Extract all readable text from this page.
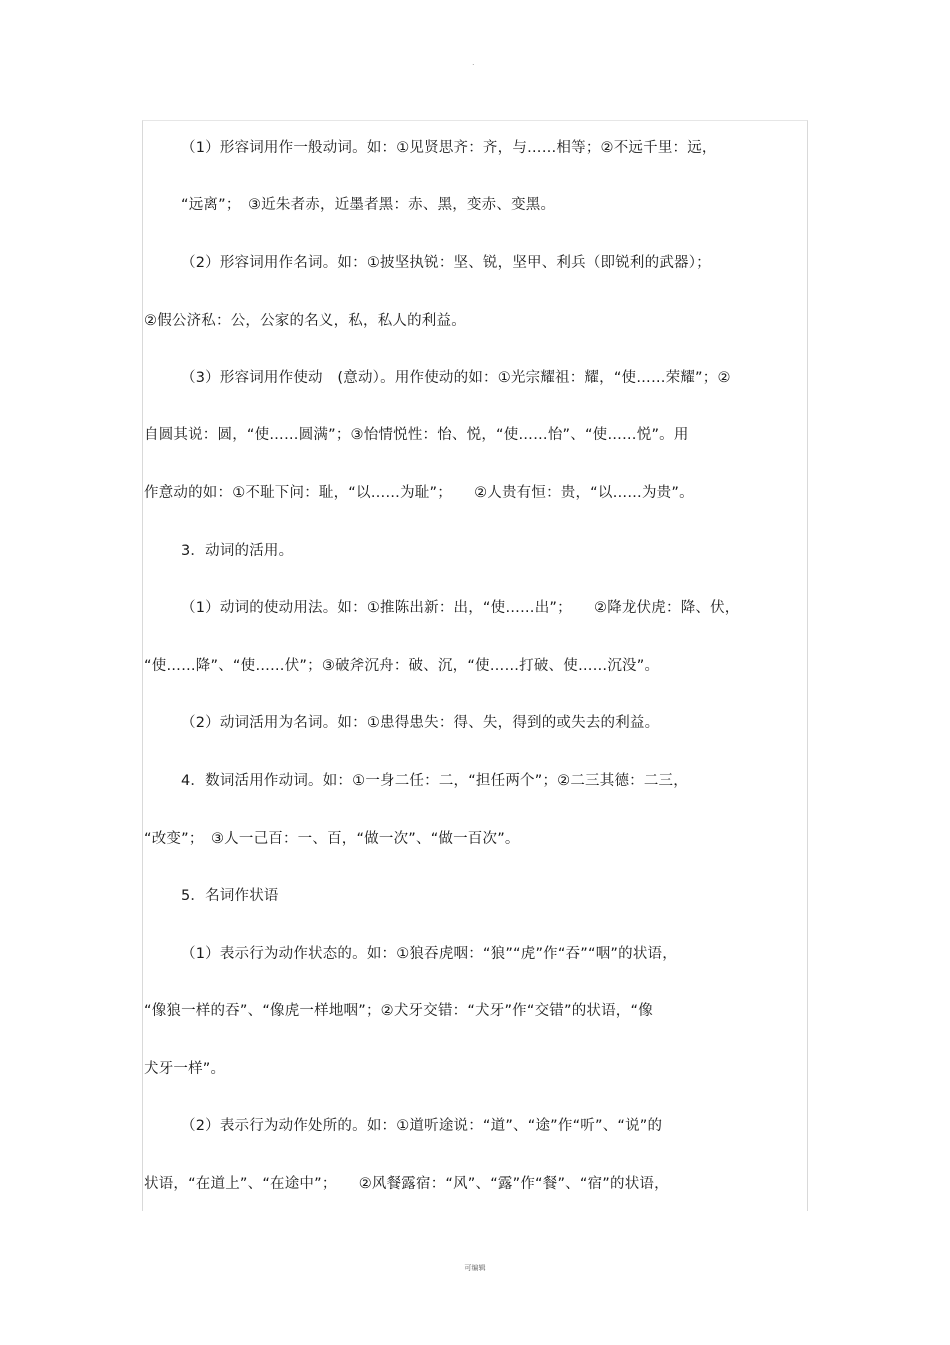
.
（1）形容词用作一般动词。如：①见贤思齐：齐，与……相等；②不远千里：远，
“远离”；　③近朱者赤，近墨者黑：赤、黑，变赤、变黑。
（2）形容词用作名词。如：①披坚执锐：坚、锐，坚甲、利兵（即锐利的武器）；
②假公济私：公，公家的名义，私，私人的利益。
（3）形容词用作使动　(意动）。用作使动的如：①光宗耀祖：耀，“使……荣耀”；②
自圆其说：圆，“使……圆满”；③怡情悦性：怡、悦，“使……怡”、“使……悦”。用
作意动的如：①不耻下问：耻，“以……为耻”；　　②人贵有恒：贵，“以……为贵”。
3．动词的活用。
（1）动词的使动用法。如：①推陈出新：出，“使……出”；　　②降龙伏虎：降、伏，
“使……降”、“使……伏”；③破斧沉舟：破、沉，“使……打破、使……沉没”。
（2）动词活用为名词。如：①患得患失：得、失，得到的或失去的利益。
4．数词活用作动词。如：①一身二任：二，“担任两个”；②二三其德：二三，
“改变”；　③人一己百：一、百，“做一次”、“做一百次”。
5．名词作状语
（1）表示行为动作状态的。如：①狼吞虎咽：“狼”“虎”作“吞”“咽”的状语，
“像狼一样的吞”、“像虎一样地咽”；②犬牙交错：“犬牙”作“交错”的状语，“像
犬牙一样”。
（2）表示行为动作处所的。如：①道听途说：“道”、“途”作“听”、“说”的
状语，“在道上”、“在途中”；　　②风餐露宿：“风”、“露”作“餐”、“宿”的状语，
可编辑
